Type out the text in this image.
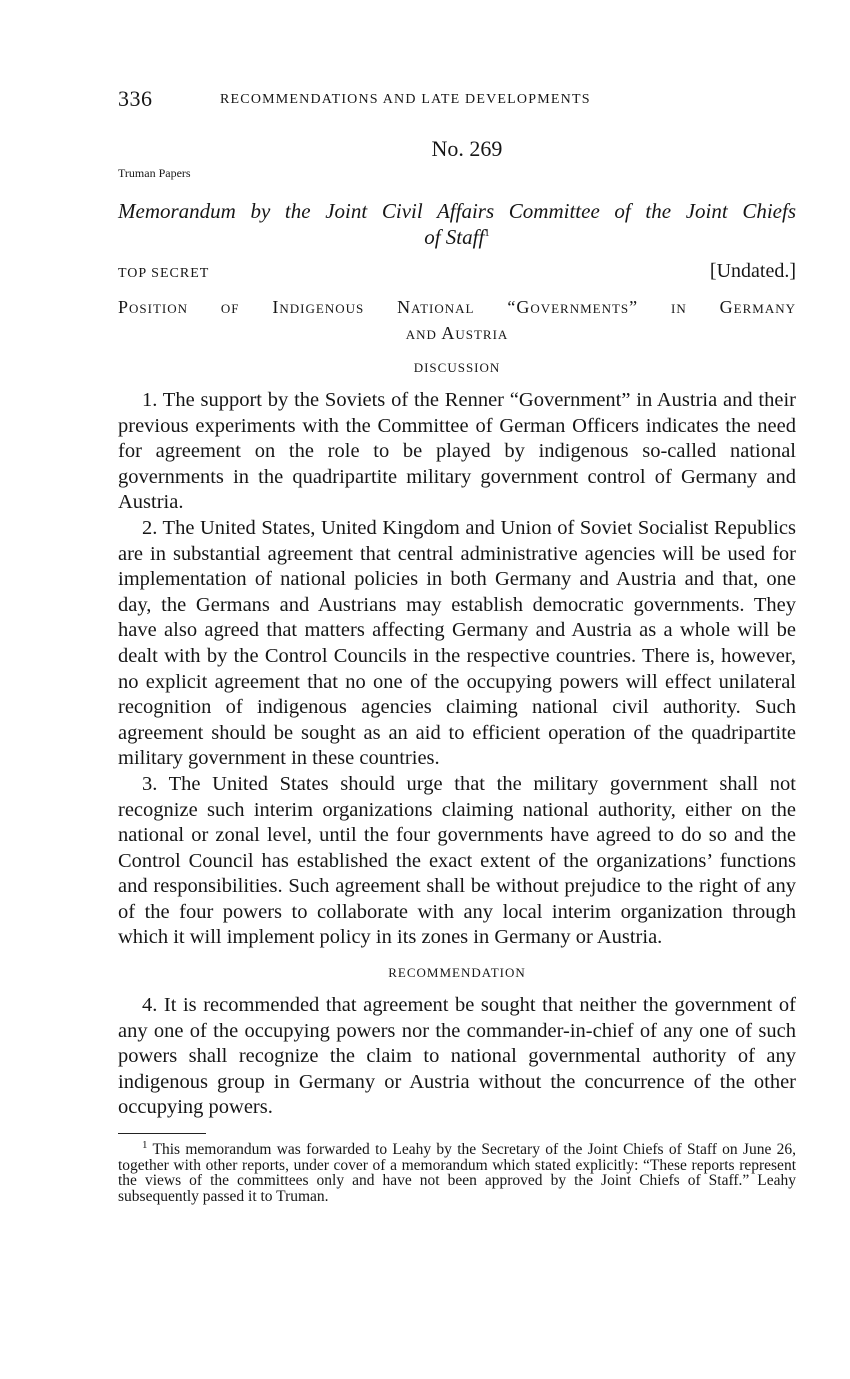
336	RECOMMENDATIONS AND LATE DEVELOPMENTS
No. 269
Truman Papers
Memorandum by the Joint Civil Affairs Committee of the Joint Chiefs
of Staff$^1$
TOP SECRET	[Undated.]
Position of Indigenous National “Governments” in Germany
and Austria
DISCUSSION

1. The support by the Soviets of the Renner “Government” in Austria and their previous experiments with the Committee of German Officers indicates the need for agreement on the role to be played by indigenous so-called national governments in the quadripartite military government control of Germany and Austria.

2. The United States, United Kingdom and Union of Soviet Socialist Republics are in substantial agreement that central administrative agencies will be used for implementation of national policies in both Germany and Austria and that, one day, the Germans and Austrians may establish democratic governments. They have also agreed that matters affecting Germany and Austria as a whole will be dealt with by the Control Councils in the respective countries. There is, however, no explicit agreement that no one of the occupying powers will effect unilateral recognition of indigenous agencies claiming national civil authority. Such agreement should be sought as an aid to efficient operation of the quadripartite military government in these countries.

3. The United States should urge that the military government shall not recognize such interim organizations claiming national authority, either on the national or zonal level, until the four governments have agreed to do so and the Control Council has established the exact extent of the organizations’ functions and responsibilities. Such agreement shall be without prejudice to the right of any of the four powers to collaborate with any local interim organization through which it will implement policy in its zones in Germany or Austria.

RECOMMENDATION

4. It is recommended that agreement be sought that neither the government of any one of the occupying powers nor the commander-in-chief of any one of such powers shall recognize the claim to national governmental authority of any indigenous group in Germany or Austria without the concurrence of the other occupying powers.

$^1$ This memorandum was forwarded to Leahy by the Secretary of the Joint Chiefs of Staff on June 26, together with other reports, under cover of a memorandum which stated explicitly: “These reports represent the views of the committees only and have not been approved by the Joint Chiefs of Staff.” Leahy subsequently passed it to Truman.
